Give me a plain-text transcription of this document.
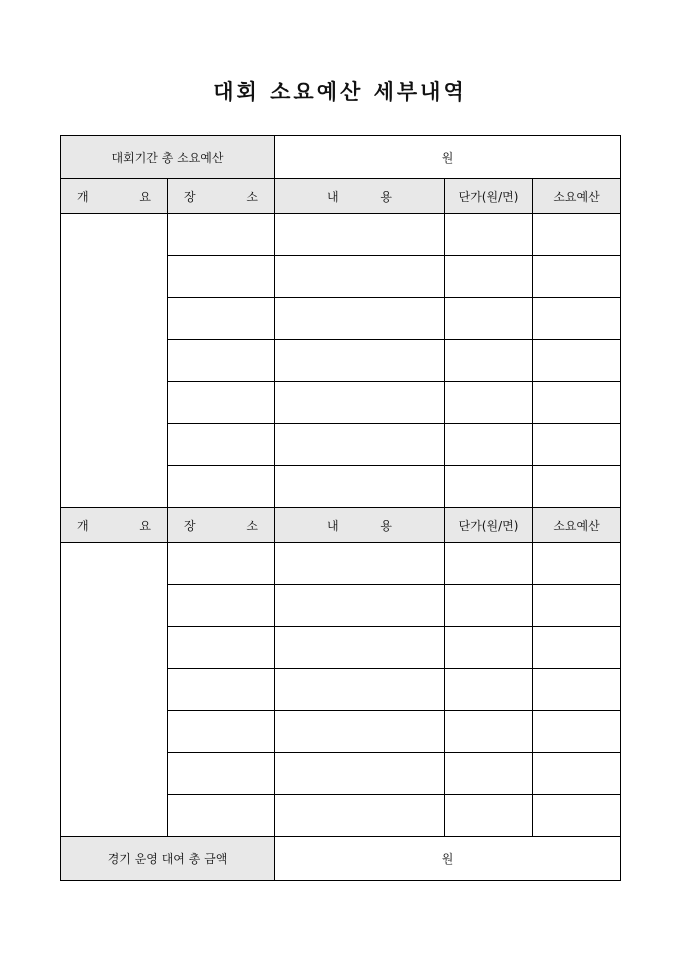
대회 소요예산 세부내역
대회기간 총 소요예산		원		

개 요	장 소	내 용	단가(원/면)	소요예산

개 요	장 소	내 용	단가(원/면)	소요예산

경기 운영 대여 총 금액		원		
